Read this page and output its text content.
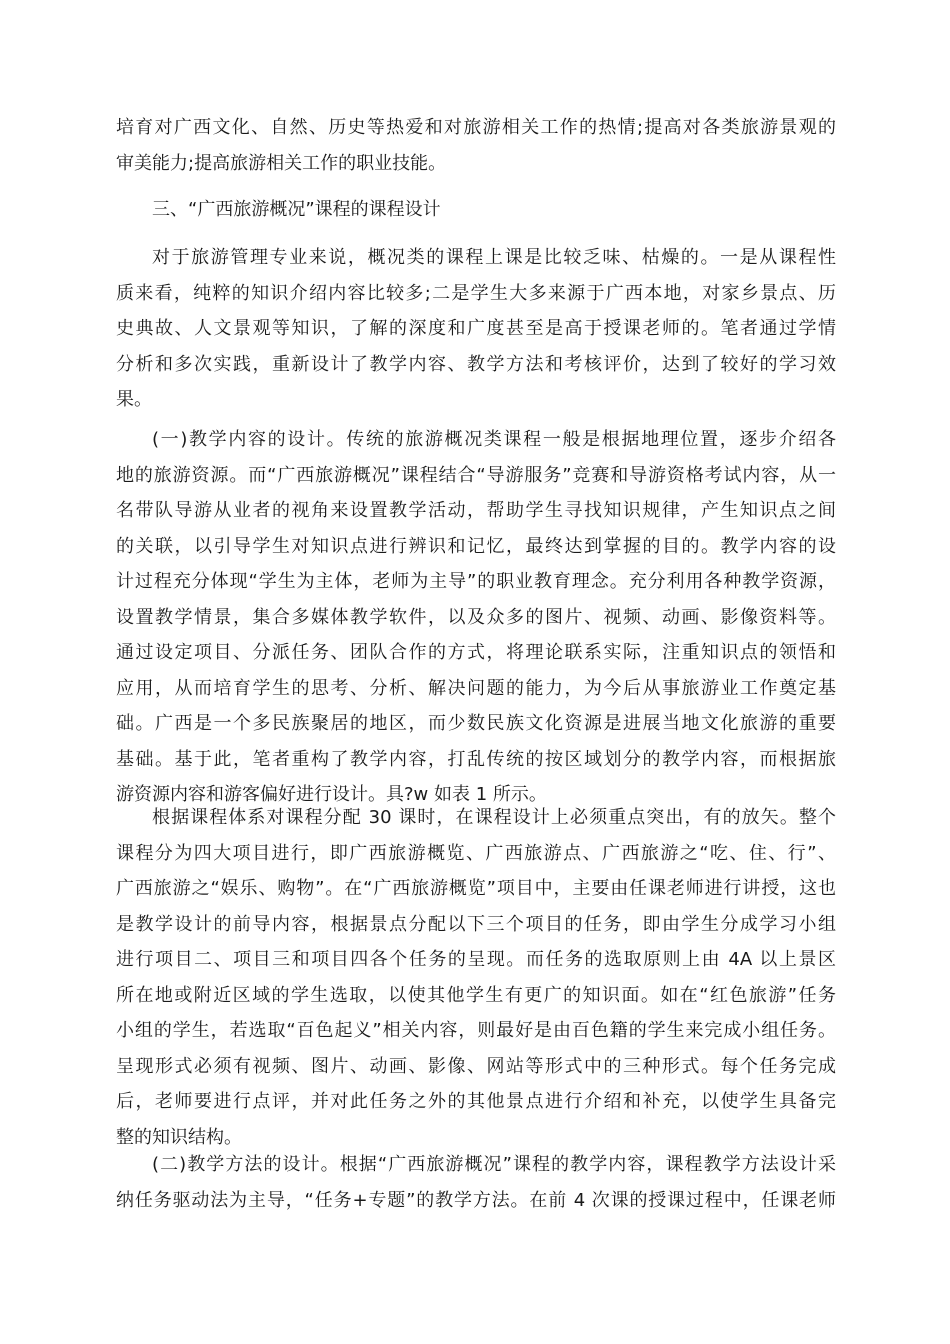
培育对广西文化、自然、历史等热爱和对旅游相关工作的热情;提高对各类旅游景观的
审美能力;提高旅游相关工作的职业技能。
三、“广西旅游概况”课程的课程设计
对于旅游管理专业来说，概况类的课程上课是比较乏味、枯燥的。一是从课程性
质来看，纯粹的知识介绍内容比较多;二是学生大多来源于广西本地，对家乡景点、历
史典故、人文景观等知识，了解的深度和广度甚至是高于授课老师的。笔者通过学情
分析和多次实践，重新设计了教学内容、教学方法和考核评价，达到了较好的学习效
果。
(一)教学内容的设计。传统的旅游概况类课程一般是根据地理位置，逐步介绍各
地的旅游资源。而“广西旅游概况”课程结合“导游服务”竞赛和导游资格考试内容，从一
名带队导游从业者的视角来设置教学活动，帮助学生寻找知识规律，产生知识点之间
的关联，以引导学生对知识点进行辨识和记忆，最终达到掌握的目的。教学内容的设
计过程充分体现“学生为主体，老师为主导”的职业教育理念。充分利用各种教学资源，
设置教学情景，集合多媒体教学软件，以及众多的图片、视频、动画、影像资料等。
通过设定项目、分派任务、团队合作的方式，将理论联系实际，注重知识点的领悟和
应用，从而培育学生的思考、分析、解决问题的能力，为今后从事旅游业工作奠定基
础。广西是一个多民族聚居的地区，而少数民族文化资源是进展当地文化旅游的重要
基础。基于此，笔者重构了教学内容，打乱传统的按区域划分的教学内容，而根据旅
游资源内容和游客偏好进行设计。具?w 如表 1 所示。
根据课程体系对课程分配 30 课时，在课程设计上必须重点突出，有的放矢。整个
课程分为四大项目进行，即广西旅游概览、广西旅游点、广西旅游之“吃、住、行”、
广西旅游之“娱乐、购物”。在“广西旅游概览”项目中，主要由任课老师进行讲授，这也
是教学设计的前导内容，根据景点分配以下三个项目的任务，即由学生分成学习小组
进行项目二、项目三和项目四各个任务的呈现。而任务的选取原则上由 4A 以上景区
所在地或附近区域的学生选取，以使其他学生有更广的知识面。如在“红色旅游”任务
小组的学生，若选取“百色起义”相关内容，则最好是由百色籍的学生来完成小组任务。
呈现形式必须有视频、图片、动画、影像、网站等形式中的三种形式。每个任务完成
后，老师要进行点评，并对此任务之外的其他景点进行介绍和补充，以使学生具备完
整的知识结构。
(二)教学方法的设计。根据“广西旅游概况”课程的教学内容，课程教学方法设计采
纳任务驱动法为主导，“任务+专题”的教学方法。在前 4 次课的授课过程中，任课老师
